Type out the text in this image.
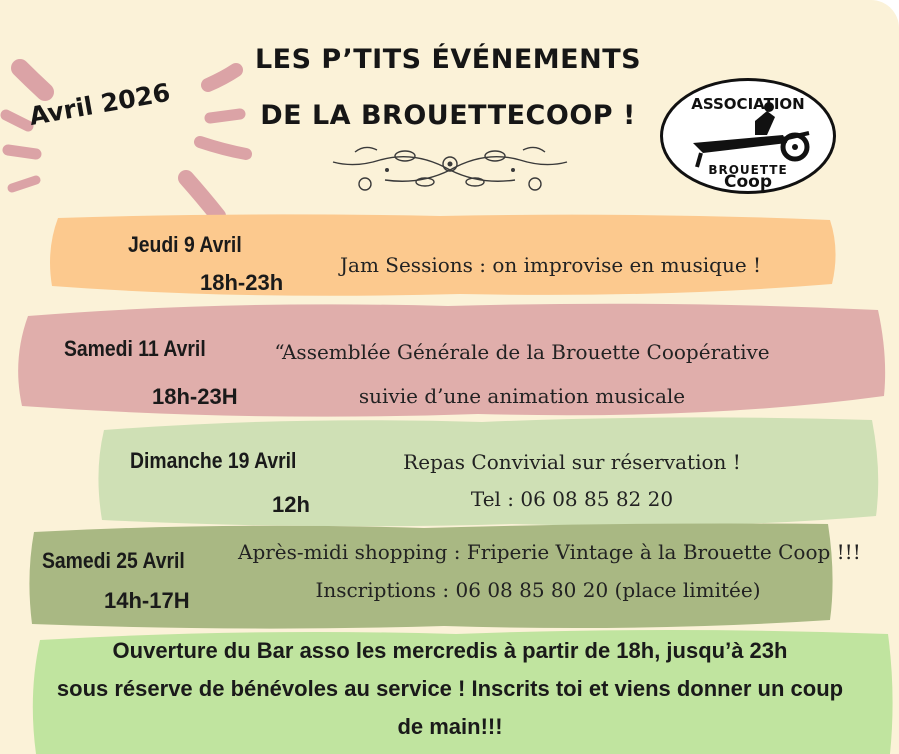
Avril 2026
LES P’TITS ÉVÉNEMENTS
DE LA BROUETTECOOP !	ASSOCIATION
BROUETTE
Coop
Jeudi 9 Avril
18h-23h
Jam Sessions : on improvise en musique !
Samedi 11 Avril
18h-23H
“Assemblée Générale de la Brouette Coopérative
suivie d’une animation musicale
Dimanche 19 Avril
12h
Repas Convivial sur réservation !
Tel : 06 08 85 82 20
Samedi 25 Avril
14h-17H
Après-midi shopping : Friperie Vintage à la Brouette Coop !!!
Inscriptions : 06 08 85 80 20 (place limitée)
Ouverture du Bar asso les mercredis à partir de 18h, jusqu’à 23h
sous réserve de bénévoles au service ! Inscrits toi et viens donner un coup
de main!!!
